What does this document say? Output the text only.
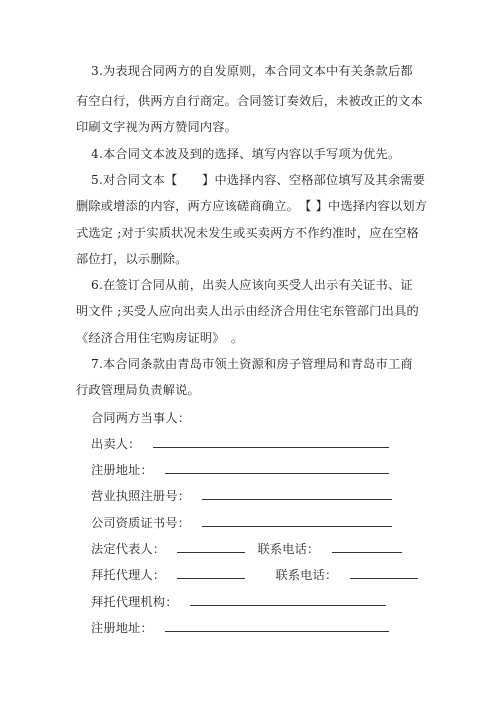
3.为表现合同两方的自发原则，本合同文本中有关条款后都
有空白行，供两方自行商定。合同签订奏效后，未被改正的文本
印刷文字视为两方赞同内容。
4.本合同文本波及到的选择、填写内容以手写项为优先。
5.对合同文本【　　】中选择内容、空格部位填写及其余需要
删除或增添的内容，两方应该磋商确立。　【 】中选择内容以划方
式选定 ;对于实质状况未发生或买卖两方不作约准时，应在空格
部位打，以示删除。
6.在签订合同从前，出卖人应该向买受人出示有关证书、证
明文件 ;买受人应向出卖人出示由经济合用住宅东管部门出具的
《经济合用住宅购房证明》　。
7.本合同条款由青岛市领土资源和房子管理局和青岛市工商
行政管理局负责解说。
合同两方当事人：
出卖人：
注册地址：
营业执照注册号：
公司资质证书号：
法定代表人：	联系电话：
拜托代理人：	联系电话：
拜托代理机构：
注册地址：
